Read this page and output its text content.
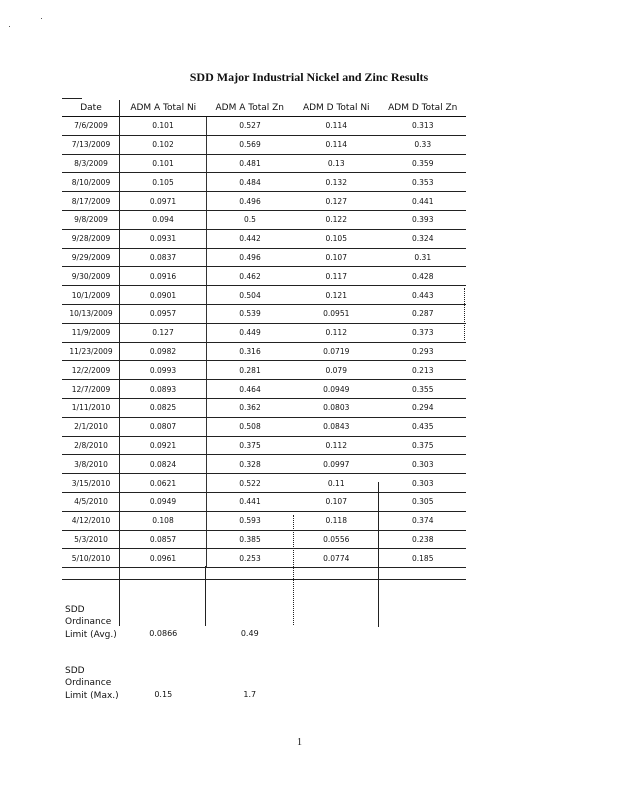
SDD Major Industrial Nickel and Zinc Results
Date	ADM A Total Ni	ADM A Total Zn	ADM D Total Ni	ADM D Total Zn
7/6/2009	0.101	0.527	0.114	0.313
7/13/2009	0.102	0.569	0.114	0.33
8/3/2009	0.101	0.481	0.13	0.359
8/10/2009	0.105	0.484	0.132	0.353
8/17/2009	0.0971	0.496	0.127	0.441
9/8/2009	0.094	0.5	0.122	0.393
9/28/2009	0.0931	0.442	0.105	0.324
9/29/2009	0.0837	0.496	0.107	0.31
9/30/2009	0.0916	0.462	0.117	0.428
10/1/2009	0.0901	0.504	0.121	0.443
10/13/2009	0.0957	0.539	0.0951	0.287
11/9/2009	0.127	0.449	0.112	0.373
11/23/2009	0.0982	0.316	0.0719	0.293
12/2/2009	0.0993	0.281	0.079	0.213
12/7/2009	0.0893	0.464	0.0949	0.355
1/11/2010	0.0825	0.362	0.0803	0.294
2/1/2010	0.0807	0.508	0.0843	0.435
2/8/2010	0.0921	0.375	0.112	0.375
3/8/2010	0.0824	0.328	0.0997	0.303
3/15/2010	0.0621	0.522	0.11	0.303
4/5/2010	0.0949	0.441	0.107	0.305
4/12/2010	0.108	0.593	0.118	0.374
5/3/2010	0.0857	0.385	0.0556	0.238
5/10/2010	0.0961	0.253	0.0774	0.185

SDD Ordinance Limit (Avg.)	0.0866	0.49		
SDD Ordinance Limit (Max.)	0.15	1.7		
1
